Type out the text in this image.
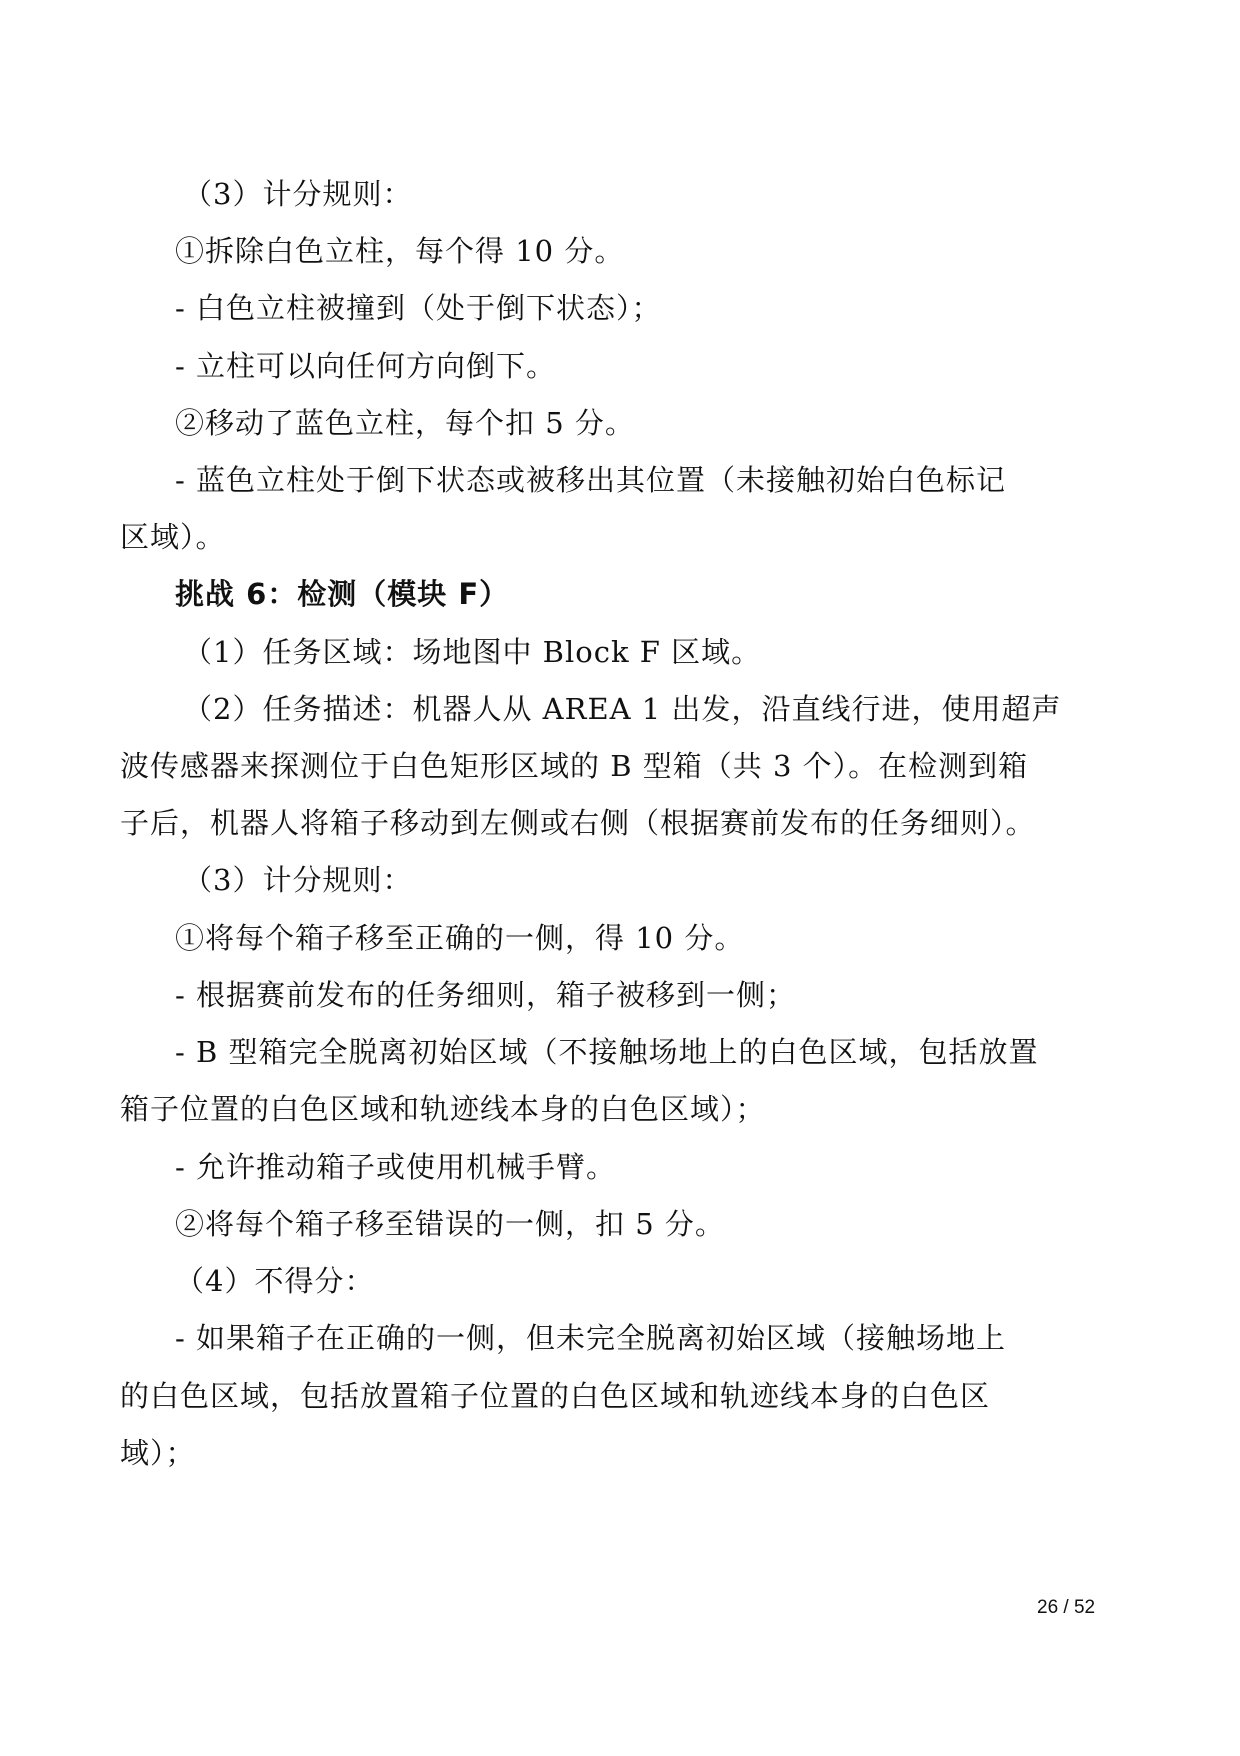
（3）计分规则：
①拆除白色立柱，每个得 10 分。
- 白色立柱被撞到（处于倒下状态）；
- 立柱可以向任何方向倒下。
②移动了蓝色立柱，每个扣 5 分。
- 蓝色立柱处于倒下状态或被移出其位置（未接触初始白色标记
区域）。
挑战 6：检测（模块 F）
（1）任务区域：场地图中 Block F 区域。
（2）任务描述：机器人从 AREA 1 出发，沿直线行进，使用超声
波传感器来探测位于白色矩形区域的 B 型箱（共 3 个）。在检测到箱
子后，机器人将箱子移动到左侧或右侧（根据赛前发布的任务细则）。
（3）计分规则：
①将每个箱子移至正确的一侧，得 10 分。
- 根据赛前发布的任务细则，箱子被移到一侧；
- B 型箱完全脱离初始区域（不接触场地上的白色区域，包括放置
箱子位置的白色区域和轨迹线本身的白色区域）；
- 允许推动箱子或使用机械手臂。
②将每个箱子移至错误的一侧，扣 5 分。
（4）不得分：
- 如果箱子在正确的一侧，但未完全脱离初始区域（接触场地上
的白色区域，包括放置箱子位置的白色区域和轨迹线本身的白色区
域）；
26 / 52
